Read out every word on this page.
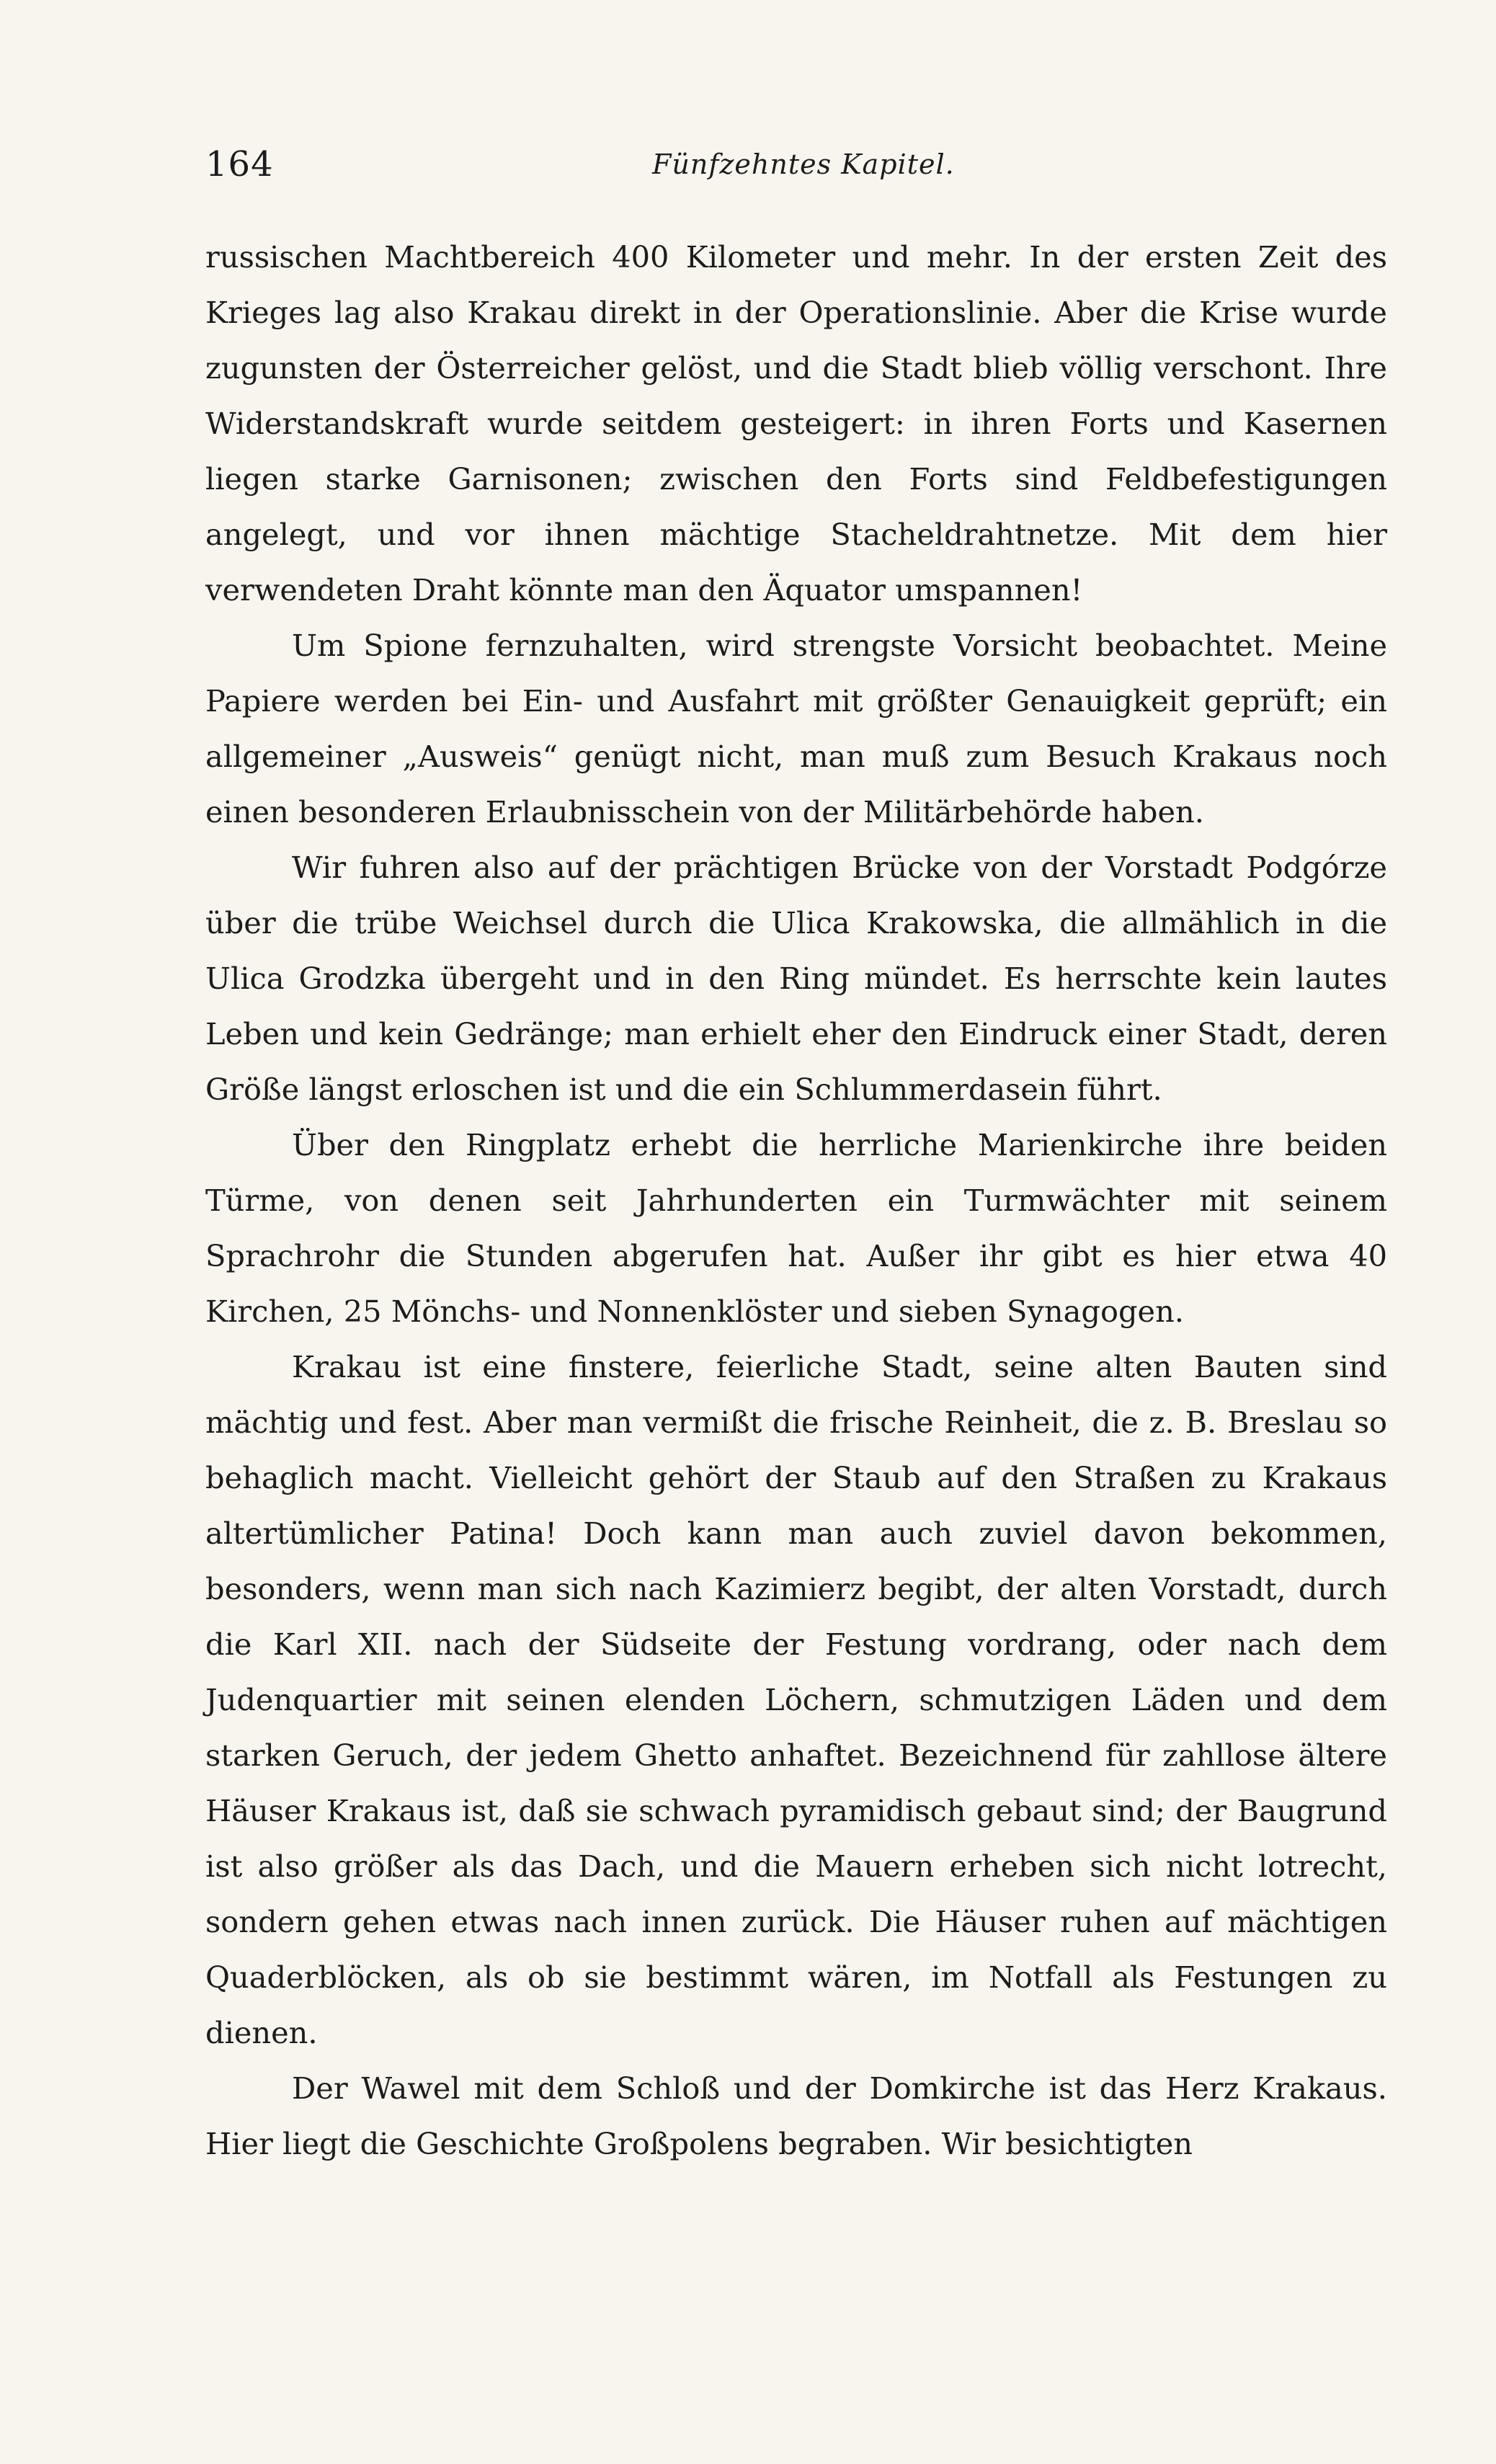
164	Fünfzehntes Kapitel.

russischen Machtbereich 400 Kilometer und mehr. In der ersten Zeit des Krieges lag also Krakau direkt in der Operationslinie. Aber die Krise wurde zugunsten der Österreicher gelöst, und die Stadt blieb völlig verschont. Ihre Widerstandskraft wurde seitdem gesteigert: in ihren Forts und Kasernen liegen starke Garnisonen; zwischen den Forts sind Feldbefestigungen angelegt, und vor ihnen mächtige Stacheldrahtnetze. Mit dem hier verwendeten Draht könnte man den Äquator umspannen!

Um Spione fernzuhalten, wird strengste Vorsicht beobachtet. Meine Papiere werden bei Ein- und Ausfahrt mit größter Genauigkeit geprüft; ein allgemeiner „Ausweis“ genügt nicht, man muß zum Besuch Krakaus noch einen besonderen Erlaubnisschein von der Militärbehörde haben.

Wir fuhren also auf der prächtigen Brücke von der Vorstadt Podgórze über die trübe Weichsel durch die Ulica Krakowska, die allmählich in die Ulica Grodzka übergeht und in den Ring mündet. Es herrschte kein lautes Leben und kein Gedränge; man erhielt eher den Eindruck einer Stadt, deren Größe längst erloschen ist und die ein Schlummerdasein führt.

Über den Ringplatz erhebt die herrliche Marienkirche ihre beiden Türme, von denen seit Jahrhunderten ein Turmwächter mit seinem Sprachrohr die Stunden abgerufen hat. Außer ihr gibt es hier etwa 40 Kirchen, 25 Mönchs- und Nonnenklöster und sieben Synagogen.

Krakau ist eine finstere, feierliche Stadt, seine alten Bauten sind mächtig und fest. Aber man vermißt die frische Reinheit, die z. B. Breslau so behaglich macht. Vielleicht gehört der Staub auf den Straßen zu Krakaus altertümlicher Patina! Doch kann man auch zuviel davon bekommen, besonders, wenn man sich nach Kazimierz begibt, der alten Vorstadt, durch die Karl XII. nach der Südseite der Festung vordrang, oder nach dem Judenquartier mit seinen elenden Löchern, schmutzigen Läden und dem starken Geruch, der jedem Ghetto anhaftet. Bezeichnend für zahllose ältere Häuser Krakaus ist, daß sie schwach pyramidisch gebaut sind; der Baugrund ist also größer als das Dach, und die Mauern erheben sich nicht lotrecht, sondern gehen etwas nach innen zurück. Die Häuser ruhen auf mächtigen Quaderblöcken, als ob sie bestimmt wären, im Notfall als Festungen zu dienen.

Der Wawel mit dem Schloß und der Domkirche ist das Herz Krakaus. Hier liegt die Geschichte Großpolens begraben. Wir besichtigten
